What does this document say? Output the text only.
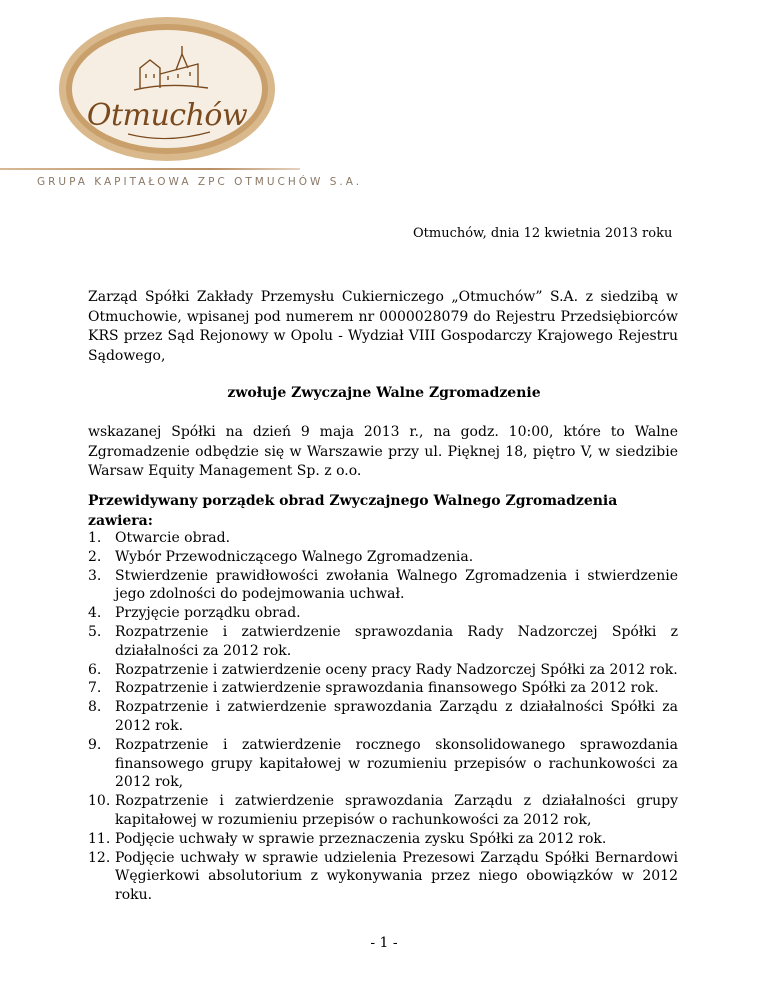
Otmuchów
GRUPA KAPITAŁOWA ZPC OTMUCHÓW S.A.
Otmuchów, dnia 12 kwietnia 2013 roku
Zarząd Spółki Zakłady Przemysłu Cukierniczego „Otmuchów” S.A. z siedzibą w Otmuchowie, wpisanej pod numerem nr 0000028079 do Rejestru Przedsiębiorców KRS przez Sąd Rejonowy w Opolu - Wydział VIII Gospodarczy Krajowego Rejestru Sądowego,
zwołuje Zwyczajne Walne Zgromadzenie
wskazanej Spółki na dzień 9 maja 2013 r., na godz. 10:00, które to Walne Zgromadzenie odbędzie się w Warszawie przy ul. Pięknej 18, piętro V, w siedzibie Warsaw Equity Management Sp. z o.o.
Przewidywany porządek obrad Zwyczajnego Walnego Zgromadzenia zawiera:
1. Otwarcie obrad.
2. Wybór Przewodniczącego Walnego Zgromadzenia.
3. Stwierdzenie prawidłowości zwołania Walnego Zgromadzenia i stwierdzenie jego zdolności do podejmowania uchwał.
4. Przyjęcie porządku obrad.
5. Rozpatrzenie i zatwierdzenie sprawozdania Rady Nadzorczej Spółki z działalności za 2012 rok.
6. Rozpatrzenie i zatwierdzenie oceny pracy Rady Nadzorczej Spółki za 2012 rok.
7. Rozpatrzenie i zatwierdzenie sprawozdania finansowego Spółki za 2012 rok.
8. Rozpatrzenie i zatwierdzenie sprawozdania Zarządu z działalności Spółki za 2012 rok.
9. Rozpatrzenie i zatwierdzenie rocznego skonsolidowanego sprawozdania finansowego grupy kapitałowej w rozumieniu przepisów o rachunkowości za 2012 rok,
10. Rozpatrzenie i zatwierdzenie sprawozdania Zarządu z działalności grupy kapitałowej w rozumieniu przepisów o rachunkowości za 2012 rok,
11. Podjęcie uchwały w sprawie przeznaczenia zysku Spółki za 2012 rok.
12. Podjęcie uchwały w sprawie udzielenia Prezesowi Zarządu Spółki Bernardowi Węgierkowi absolutorium z wykonywania przez niego obowiązków w 2012 roku.
- 1 -
